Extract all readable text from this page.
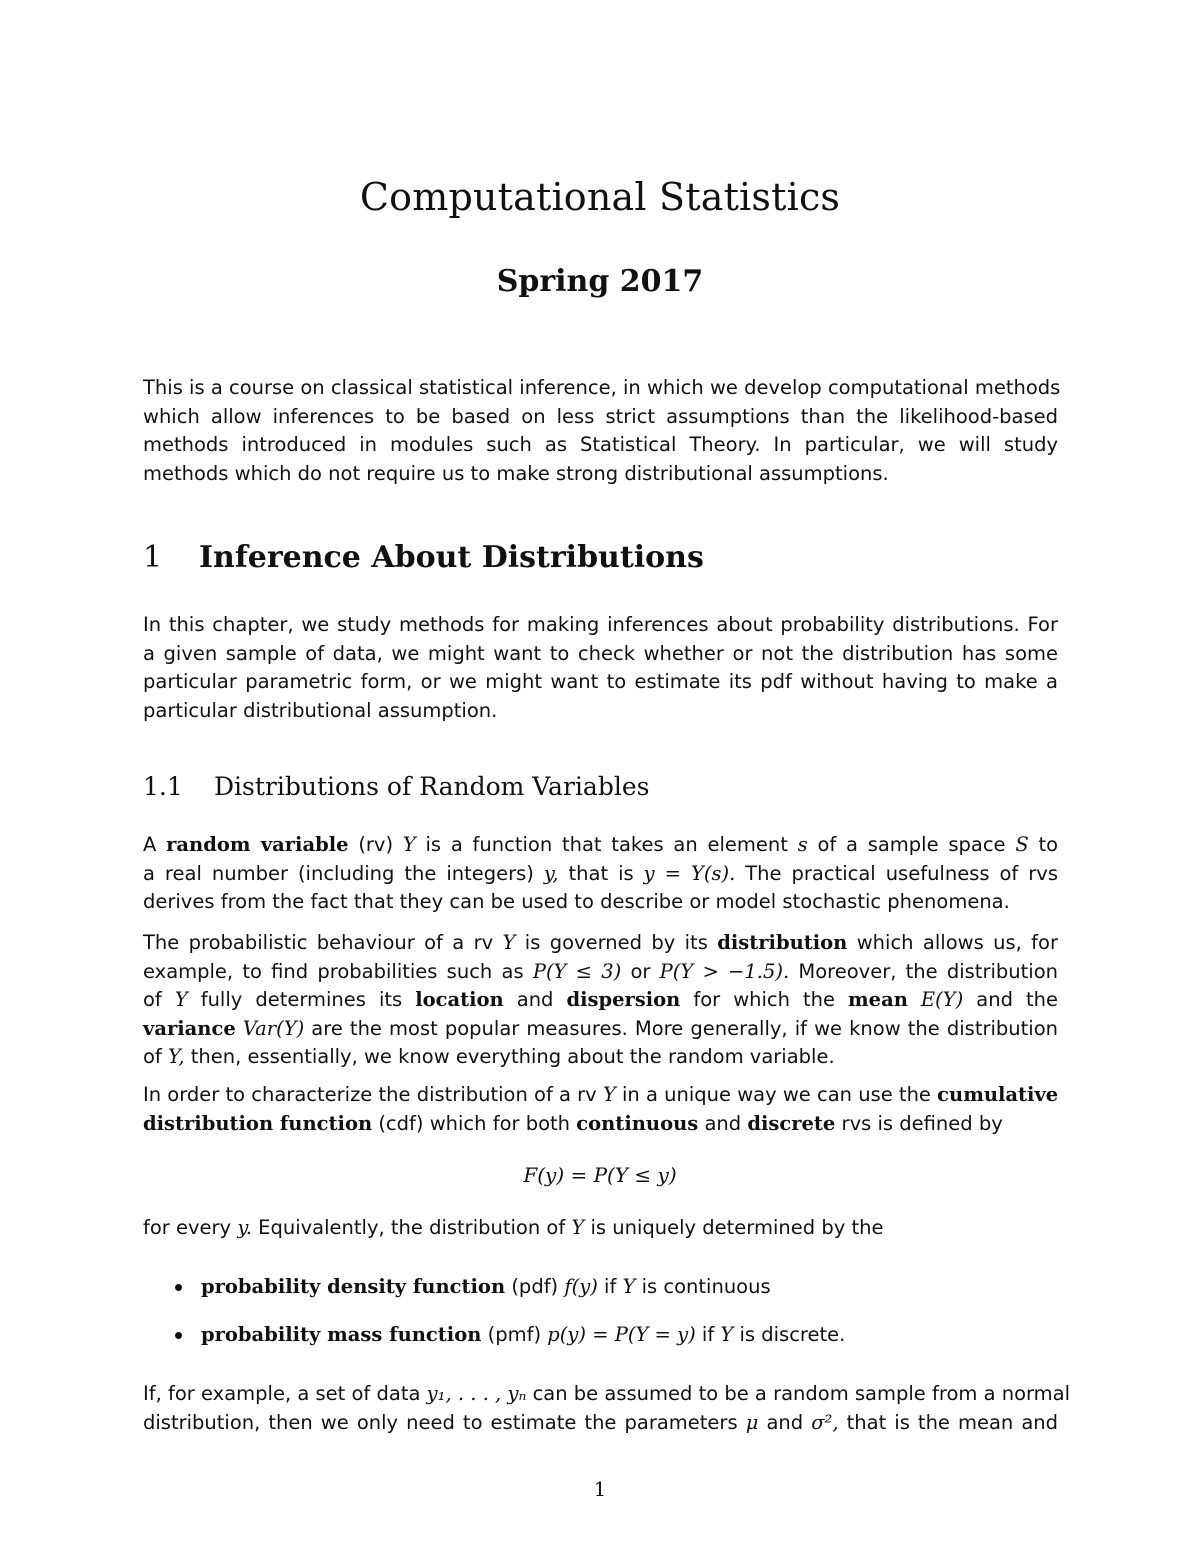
Computational Statistics
Spring 2017
This is a course on classical statistical inference, in which we develop computational methods
which allow inferences to be based on less strict assumptions than the likelihood-based
methods introduced in modules such as Statistical Theory. In particular, we will study
methods which do not require us to make strong distributional assumptions.
1 Inference About Distributions
In this chapter, we study methods for making inferences about probability distributions. For
a given sample of data, we might want to check whether or not the distribution has some
particular parametric form, or we might want to estimate its pdf without having to make a
particular distributional assumption.
1.1 Distributions of Random Variables
A random variable (rv) Y is a function that takes an element s of a sample space S to
a real number (including the integers) y, that is y = Y(s). The practical usefulness of rvs
derives from the fact that they can be used to describe or model stochastic phenomena.
The probabilistic behaviour of a rv Y is governed by its distribution which allows us, for
example, to find probabilities such as P(Y ≤ 3) or P(Y > −1.5). Moreover, the distribution
of Y fully determines its location and dispersion for which the mean E(Y) and the
variance Var(Y) are the most popular measures. More generally, if we know the distribution
of Y, then, essentially, we know everything about the random variable.
In order to characterize the distribution of a rv Y in a unique way we can use the cumulative
distribution function (cdf) which for both continuous and discrete rvs is defined by
F(y) = P(Y ≤ y)
for every y. Equivalently, the distribution of Y is uniquely determined by the
probability density function (pdf) f(y) if Y is continuous
probability mass function (pmf) p(y) = P(Y = y) if Y is discrete.
If, for example, a set of data y₁, . . . , yₙ can be assumed to be a random sample from a normal
distribution, then we only need to estimate the parameters μ and σ², that is the mean and
1
